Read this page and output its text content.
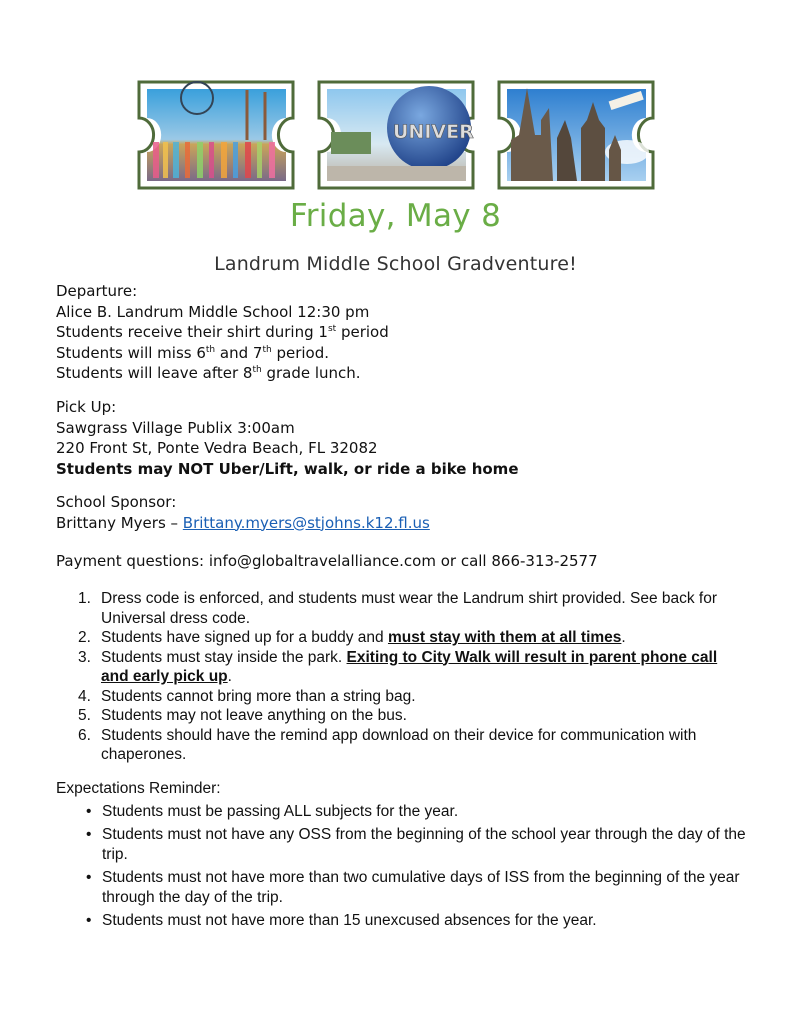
UNIVER
Friday, May 8
Landrum Middle School Gradventure!

Departure:

Alice B. Landrum Middle School 12:30 pm

Students receive their shirt during 1st period

Students will miss 6th and 7th period.

Students will leave after 8th grade lunch.

Pick Up:

Sawgrass Village Publix 3:00am

220 Front St, Ponte Vedra Beach, FL 32082

Students may NOT Uber/Lift, walk, or ride a bike home

School Sponsor:

Brittany Myers – Brittany.myers@stjohns.k12.fl.us

Payment questions: info@globaltravelalliance.com or call 866-313-2577

1. Dress code is enforced, and students must wear the Landrum shirt provided. See back for Universal dress code.
2. Students have signed up for a buddy and must stay with them at all times.
3. Students must stay inside the park. Exiting to City Walk will result in parent phone call and early pick up.
4. Students cannot bring more than a string bag.
5. Students may not leave anything on the bus.
6. Students should have the remind app download on their device for communication with chaperones.
Expectations Reminder:
• Students must be passing ALL subjects for the year.
• Students must not have any OSS from the beginning of the school year through the day of the trip.
• Students must not have more than two cumulative days of ISS from the beginning of the year through the day of the trip.
• Students must not have more than 15 unexcused absences for the year.
